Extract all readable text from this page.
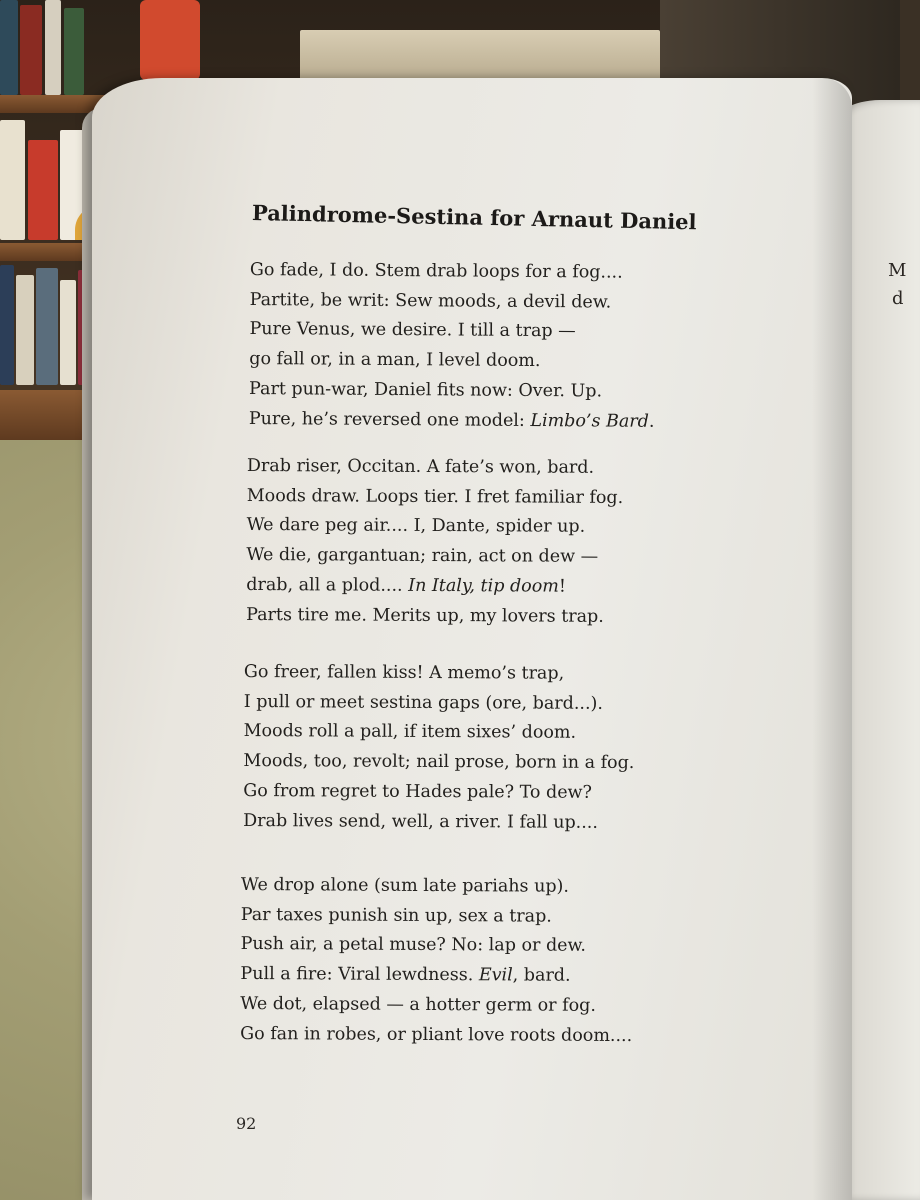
M
d
Palindrome-Sestina for Arnaut Daniel
Go fade, I do. Stem drab loops for a fog....
Partite, be writ: Sew moods, a devil dew.
Pure Venus, we desire. I till a trap —
go fall or, in a man, I level doom.
Part pun-war, Daniel fits now: Over. Up.
Pure, he’s reversed one model: Limbo’s Bard.
Drab riser, Occitan. A fate’s won, bard.
Moods draw. Loops tier. I fret familiar fog.
We dare peg air.... I, Dante, spider up.
We die, gargantuan; rain, act on dew —
drab, all a plod.... In Italy, tip doom!
Parts tire me. Merits up, my lovers trap.
Go freer, fallen kiss! A memo’s trap,
I pull or meet sestina gaps (ore, bard...).
Moods roll a pall, if item sixes’ doom.
Moods, too, revolt; nail prose, born in a fog.
Go from regret to Hades pale? To dew?
Drab lives send, well, a river. I fall up....
We drop alone (sum late pariahs up).
Par taxes punish sin up, sex a trap.
Push air, a petal muse? No: lap or dew.
Pull a fire: Viral lewdness. Evil, bard.
We dot, elapsed — a hotter germ or fog.
Go fan in robes, or pliant love roots doom....
92
